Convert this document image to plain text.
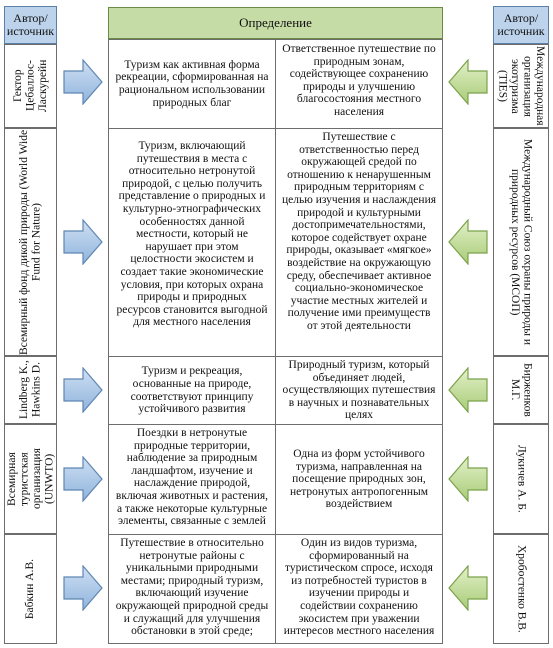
Автор/ источник
Определение	Автор/ источник
Гектор Цебаллос-Ласкурейн
Всемирный фонд дикой природы (World Wide Fund for Nature)
Lindberg K., Hawkins D.
Всемирная туристская организация (UNWTO)
Бабкин А.В.
Международная организация экотуризма (TIES)
Международный Союз охраны природы и природных ресурсов (МСОП)
Бирженков М.Г.
Лукичев А. Б.
Хробостенко В.В.
Туризм как активная форма рекреации, сформированная на рациональном использовании природных благ
Ответственное путешествие по природным зонам, содействующее сохранению природы и улучшению благосостояния местного населения
Туризм, включающий путешествия в места с относительно нетронутой природой, с целью получить представление о природных и культурно-этнографических особенностях данной местности, который не нарушает при этом целостности экосистем и создает такие экономические условия, при которых охрана природы и природных ресурсов становится выгодной для местного населения
Путешествие с ответственностью перед окружающей средой по отношению к ненарушенным природным территориям с целью изучения и наслаждения природой и культурными достопримечательностями, которое содействует охране природы, оказывает «мягкое» воздействие на окружающую среду, обеспечивает активное социально-экономическое участие местных жителей и получение ими преимуществ от этой деятельности
Туризм и рекреация, основанные на природе, соответствуют принципу устойчивого развития
Природный туризм, который объединяет людей, осуществляющих путешествия в научных и познавательных целях
Поездки в нетронутые природные территории, наблюдение за природным ландшафтом, изучение и наслаждение природой, включая животных и растения, а также некоторые культурные элементы, связанные с землей
Одна из форм устойчивого туризма, направленная на посещение природных зон, нетронутых антропогенным воздействием
Путешествие в относительно нетронутые районы с уникальными природными местами; природный туризм, включающий изучение окружающей природной среды и служащий для улучшения обстановки в этой среде;
Один из видов туризма, сформированный на туристическом спросе, исходя из потребностей туристов в изучении природы и содействии сохранению экосистем при уважении интересов местного населения
